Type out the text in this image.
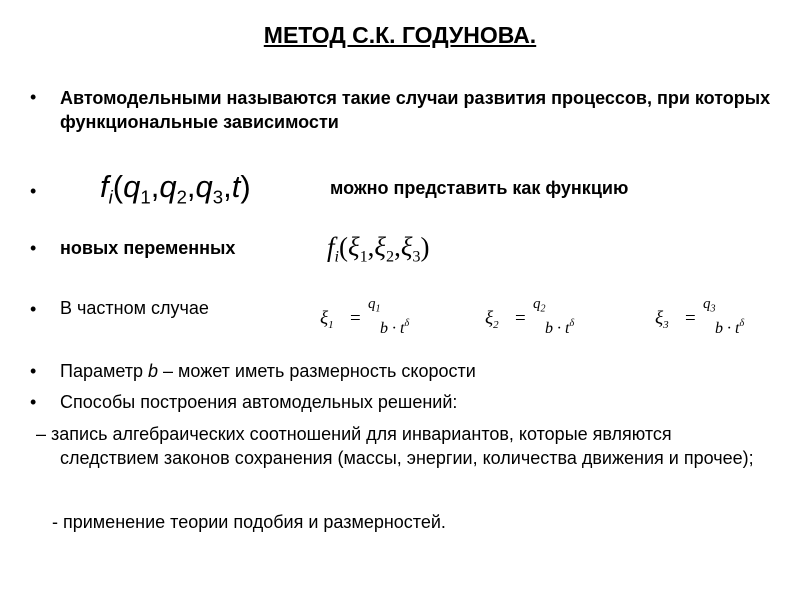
МЕТОД С.К. ГОДУНОВА.
• Автомодельными называются такие случаи развития процессов, при которых функциональные зависимости

• $f_i(q_1,q_2,q_3,t)$	можно представить как функцию
• новых переменных	$f_i(\xi_1,\xi_2,\xi_3)$
• В частном случае	$\xi_1$ =
$q_1$
$b \cdot t^\delta$	$\xi_2$ =
$q_2$
$b \cdot t^\delta$	$\xi_3$ =
$q_3$
$b \cdot t^\delta$
• Параметр b – может иметь размерность скорости
• Способы построения автомодельных решений:

– запись алгебраических соотношений для инвариантов, которые являются следствием законов сохранения (массы, энергии, количества движения и прочее);

- применение теории подобия и размерностей.
